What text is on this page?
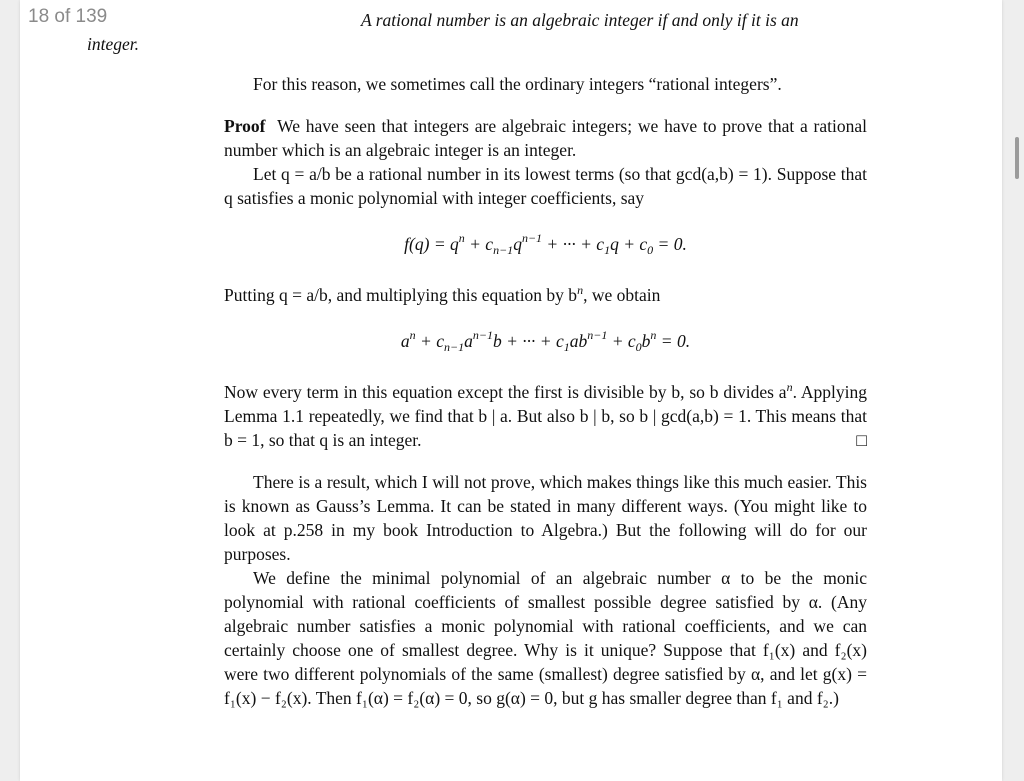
18 of 139	A rational number is an algebraic integer if and only if it is an
integer.

For this reason, we sometimes call the ordinary integers “rational integers”.

Proof We have seen that integers are algebraic integers; we have to prove that a rational number which is an algebraic integer is an integer.

Let q = a/b be a rational number in its lowest terms (so that gcd(a,b) = 1). Suppose that q satisfies a monic polynomial with integer coefficients, say

$f(q) = q^n + c_{n-1}q^{n-1}$ + ··· + $c_1q + c_0 = 0$.

Putting q = a/b, and multiplying this equation by $b^n$, we obtain

$a^n + c_{n-1}a^{n-1}b$ + ··· + $c_1ab^{n-1} + c_0b^n = 0$.

Now every term in this equation except the first is divisible by b, so b divides $a^n$. Applying Lemma 1.1 repeatedly, we find that b | a. But also b | b, so b | gcd(a,b) = 1. This means that b = 1, so that q is an integer.	□

There is a result, which I will not prove, which makes things like this much easier. This is known as Gauss’s Lemma. It can be stated in many different ways. (You might like to look at p.258 in my book Introduction to Algebra.) But the following will do for our purposes.

We define the minimal polynomial of an algebraic number α to be the monic polynomial with rational coefficients of smallest possible degree satisfied by α. (Any algebraic number satisfies a monic polynomial with rational coefficients, and we can certainly choose one of smallest degree. Why is it unique? Suppose that f₁(x) and f₂(x) were two different polynomials of the same (smallest) degree satisfied by α, and let g(x) = f₁(x) − f₂(x). Then f₁(α) = f₂(α) = 0, so g(α) = 0, but g has smaller degree than f₁ and f₂.)
